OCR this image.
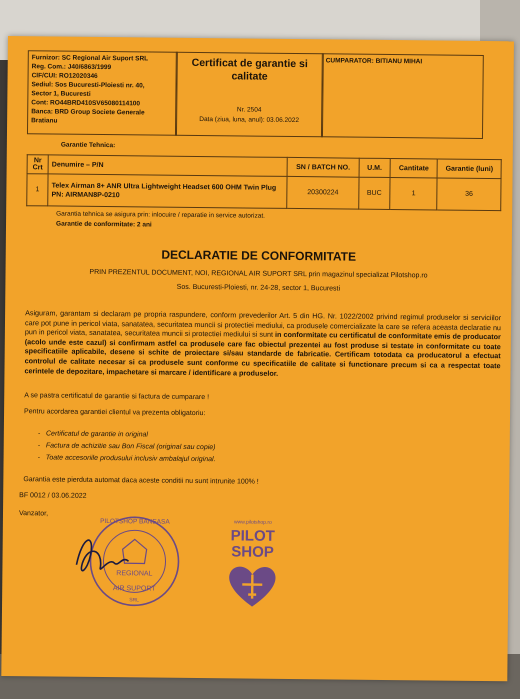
Furnizor: SC Regional Air Suport SRL
Reg. Com.: J40/6863/1999
CIF/CUI: RO12020346
Sediul: Sos Bucuresti-Ploiesti nr. 40,
Sector 1, Bucuresti
Cont: RO44BRD410SV65080114100
Banca: BRD Group Societe Generale
Bratianu
Certificat de garantie si calitate
Nr. 2504
Data (ziua, luna, anul): 03.06.2022
CUMPARATOR: BITIANU MIHAI
Garantie Tehnica:
Nr Crt	Denumire – P/N	SN / BATCH NO.	U.M.	Cantitate	Garantie (luni)
1	Telex Airman 8+ ANR Ultra Lightweight Headset 600 OHM Twin Plug PN: AIRMAN8P-0210	20300224	BUC	1	36
Garantia tehnica se asigura prin: inlocuire / reparatie in service autorizat.
Garantie de conformitate: 2 ani
DECLARATIE DE CONFORMITATE
PRIN PREZENTUL DOCUMENT, NOI, REGIONAL AIR SUPORT SRL prin magazinul specializat Pilotshop.ro
Sos. Bucuresti-Ploiesti, nr. 24-28, sector 1, Bucuresti
Asiguram, garantam si declaram pe propria raspundere, conform prevederilor Art. 5 din HG. Nr. 1022/2002 privind regimul produselor si serviciilor care pot pune in pericol viata, sanatatea, securitatea muncii si protectiei mediului, ca produsele comercializate la care se refera aceasta declaratie nu pun in pericol viata, sanatatea, securitatea muncii si protectiei mediului si sunt in conformitate cu certificatul de conformitate emis de producator (acolo unde este cazul) si confirmam astfel ca produsele care fac obiectul prezentei au fost produse si testate in conformitate cu toate specificatiile aplicabile, desene si schite de proiectare si/sau standarde de fabricatie. Certificam totodata ca producatorul a efectuat controlul de calitate necesar si ca produsele sunt conforme cu specificatiile de calitate si functionare precum si ca a respectat toate cerintele de depozitare, impachetare si marcare / identificare a produselor.
A se pastra certificatul de garantie si factura de cumparare !
Pentru acordarea garantiei clientul va prezenta obligatoriu:
-   Certificatul de garantie in original
-   Factura de achizitie sau Bon Fiscal (original sau copie)
-   Toate accesoriile produsului inclusiv ambalajul original.
Garantia este pierduta automat daca aceste conditii nu sunt intrunite 100% !
BF 0012 / 03.06.2022
Vanzator,
PILOTSHOP BANEASA
REGIONAL
AIR SUPORT
SRL
www.pilotshop.ro
PILOT
SHOP
